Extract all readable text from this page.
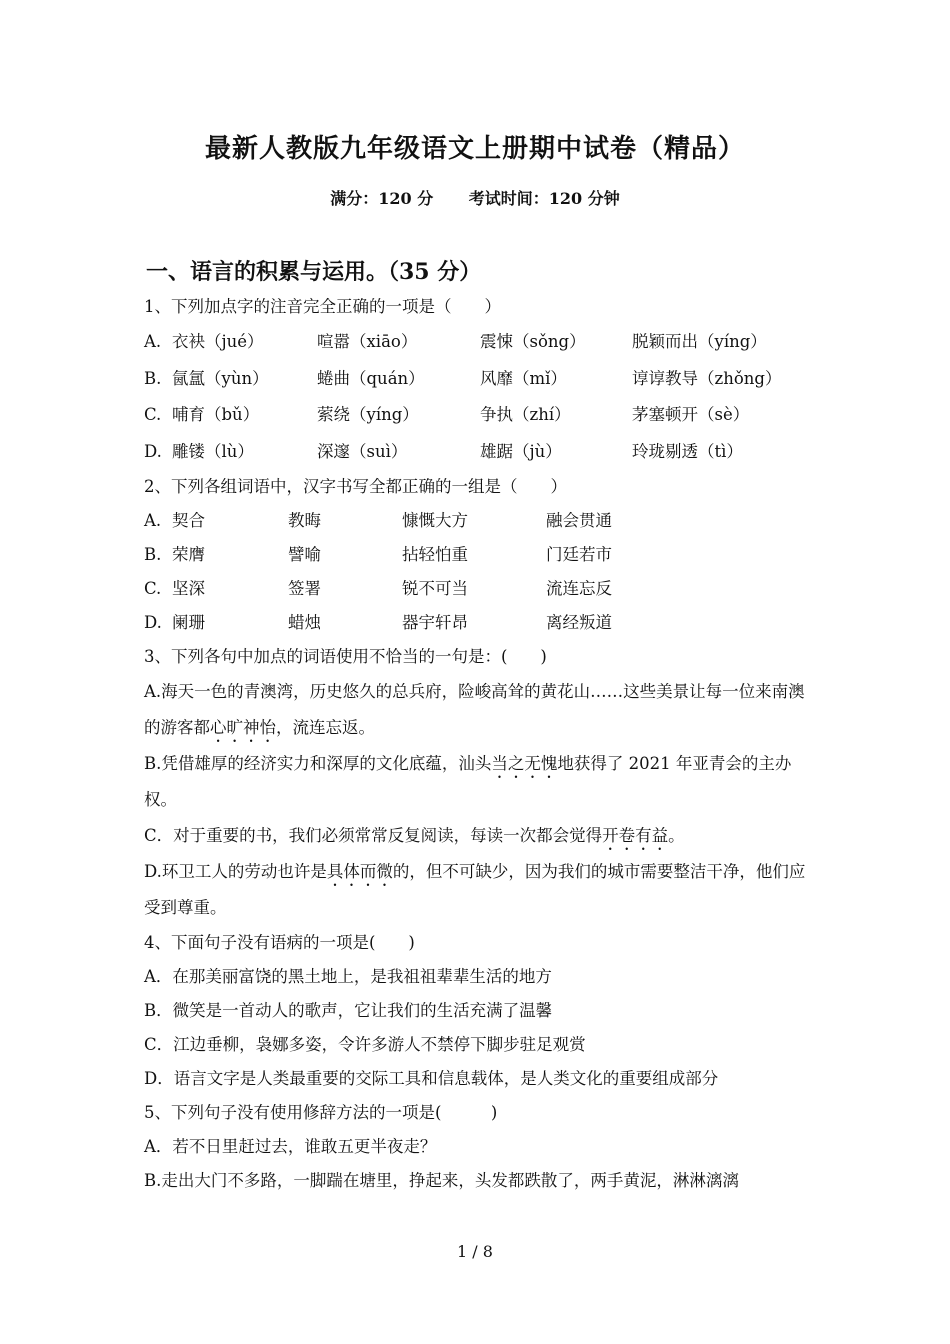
最新人教版九年级语文上册期中试卷（精品）
满分：120 分 考试时间：120 分钟
一、语言的积累与运用。（35 分）
1、下列加点字的注音完全正确的一项是（　　）
A. 衣袂（jué）	喧嚣（xiāo）	震悚（sǒng）	脱颖而出（yíng）
B. 氤氲（yùn）	蜷曲（quán）	风靡（mǐ）	谆谆教导（zhǒng）
C. 哺育（bǔ）	萦绕（yíng）	争执（zhí）	茅塞顿开（sè）
D. 雕镂（lù）	深邃（suì）	雄踞（jù）	玲珑剔透（tì）
2、下列各组词语中，汉字书写全都正确的一组是（　　）
A. 契合	教晦	慷慨大方	融会贯通
B. 荣膺	譬喻	拈轻怕重	门廷若市
C. 坚深	签署	锐不可当	流连忘反
D. 阑珊	蜡烛	器宇轩昂	离经叛道
3、下列各句中加点的词语使用不恰当的一句是：(　　)
A.海天一色的青澳湾，历史悠久的总兵府，险峻高耸的黄花山……这些美景让每一位来南澳的游客都心旷神怡，流连忘返。
B.凭借雄厚的经济实力和深厚的文化底蕴，汕头当之无愧地获得了 2021 年亚青会的主办权。
C．对于重要的书，我们必须常常反复阅读，每读一次都会觉得开卷有益。
D.环卫工人的劳动也许是具体而微的，但不可缺少，因为我们的城市需要整洁干净，他们应受到尊重。
4、下面句子没有语病的一项是(　　)
A．在那美丽富饶的黑土地上，是我祖祖辈辈生活的地方
B．微笑是一首动人的歌声，它让我们的生活充满了温馨
C．江边垂柳，袅娜多姿，令许多游人不禁停下脚步驻足观赏
D．语言文字是人类最重要的交际工具和信息载体，是人类文化的重要组成部分
5、下列句子没有使用修辞方法的一项是(　　　)
A．若不日里赶过去，谁敢五更半夜走？
B.走出大门不多路，一脚踹在塘里，挣起来，头发都跌散了，两手黄泥，淋淋漓漓
1 / 8
